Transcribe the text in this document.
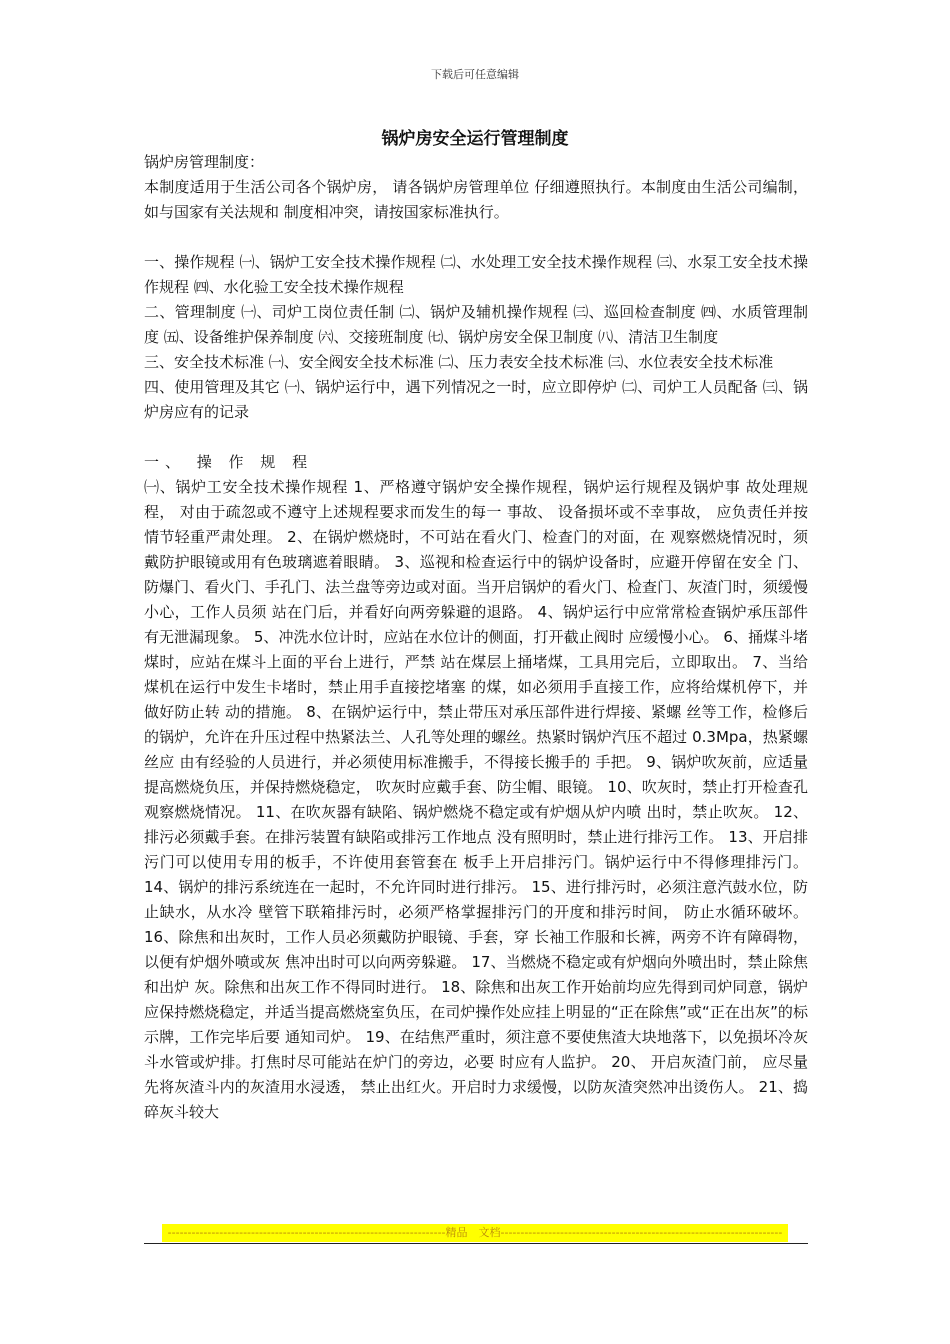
下载后可任意编辑
锅炉房安全运行管理制度

锅炉房管理制度：

本制度适用于生活公司各个锅炉房， 请各锅炉房管理单位 仔细遵照执行。本制度由生活公司编制，如与国家有关法规和 制度相冲突，请按国家标准执行。

一、操作规程 ㈠、锅炉工安全技术操作规程 ㈡、水处理工安全技术操作规程 ㈢、水泵工安全技术操作规程 ㈣、水化验工安全技术操作规程

二、管理制度 ㈠、司炉工岗位责任制 ㈡、锅炉及辅机操作规程 ㈢、巡回检查制度 ㈣、水质管理制度 ㈤、设备维护保养制度 ㈥、交接班制度 ㈦、锅炉房安全保卫制度 ㈧、清洁卫生制度

三、安全技术标准 ㈠、安全阀安全技术标准 ㈡、压力表安全技术标准 ㈢、水位表安全技术标准

四、使用管理及其它 ㈠、锅炉运行中，遇下列情况之一时，应立即停炉 ㈡、司炉工人员配备 ㈢、锅炉房应有的记录

一、 操 作 规 程

㈠、锅炉工安全技术操作规程 1、严格遵守锅炉安全操作规程，锅炉运行规程及锅炉事 故处理规程， 对由于疏忽或不遵守上述规程要求而发生的每一 事故、 设备损坏或不幸事故， 应负责任并按情节轻重严肃处理。 2、在锅炉燃烧时，不可站在看火门、检查门的对面，在 观察燃烧情况时，须戴防护眼镜或用有色玻璃遮着眼睛。 3、巡视和检查运行中的锅炉设备时，应避开停留在安全 门、防爆门、看火门、手孔门、法兰盘等旁边或对面。当开启锅炉的看火门、检查门、灰渣门时，须缓慢小心，工作人员须 站在门后，并看好向两旁躲避的退路。 4、锅炉运行中应常常检查锅炉承压部件有无泄漏现象。 5、冲洗水位计时，应站在水位计的侧面，打开截止阀时 应缓慢小心。 6、捅煤斗堵煤时，应站在煤斗上面的平台上进行，严禁 站在煤层上捅堵煤，工具用完后，立即取出。 7、当给煤机在运行中发生卡堵时，禁止用手直接挖堵塞 的煤，如必须用手直接工作，应将给煤机停下，并做好防止转 动的措施。 8、在锅炉运行中，禁止带压对承压部件进行焊接、紧螺 丝等工作，检修后的锅炉，允许在升压过程中热紧法兰、人孔等处理的螺丝。热紧时锅炉汽压不超过 0.3Mpa，热紧螺丝应 由有经验的人员进行，并必须使用标准搬手，不得接长搬手的 手把。 9、锅炉吹灰前，应适量提高燃烧负压，并保持燃烧稳定， 吹灰时应戴手套、防尘帽、眼镜。 10、吹灰时，禁止打开检查孔观察燃烧情况。 11、在吹灰器有缺陷、锅炉燃烧不稳定或有炉烟从炉内喷 出时，禁止吹灰。 12、排污必须戴手套。在排污装置有缺陷或排污工作地点 没有照明时，禁止进行排污工作。 13、开启排污门可以使用专用的板手，不许使用套管套在 板手上开启排污门。锅炉运行中不得修理排污门。 14、锅炉的排污系统连在一起时，不允许同时进行排污。 15、进行排污时，必须注意汽鼓水位，防止缺水，从水冷 壁管下联箱排污时，必须严格掌握排污门的开度和排污时间， 防止水循环破坏。 16、除焦和出灰时，工作人员必须戴防护眼镜、手套，穿 长袖工作服和长裤，两旁不许有障碍物，以便有炉烟外喷或灰 焦冲出时可以向两旁躲避。 17、当燃烧不稳定或有炉烟向外喷出时，禁止除焦和出炉 灰。除焦和出灰工作不得同时进行。 18、除焦和出灰工作开始前均应先得到司炉同意，锅炉应保持燃烧稳定，并适当提高燃烧室负压，在司炉操作处应挂上明显的“正在除焦”或“正在出灰”的标示牌，工作完毕后要 通知司炉。 19、在结焦严重时，须注意不要使焦渣大块地落下，以免损坏冷灰斗水管或炉排。打焦时尽可能站在炉门的旁边，必要 时应有人监护。 20、 开启灰渣门前， 应尽量先将灰渣斗内的灰渣用水浸透， 禁止出红火。开启时力求缓慢，以防灰渣突然冲出烫伤人。 21、捣碎灰斗较大

----------------------------------------------------------------------精品　文档-----------------------------------------------------------------------
